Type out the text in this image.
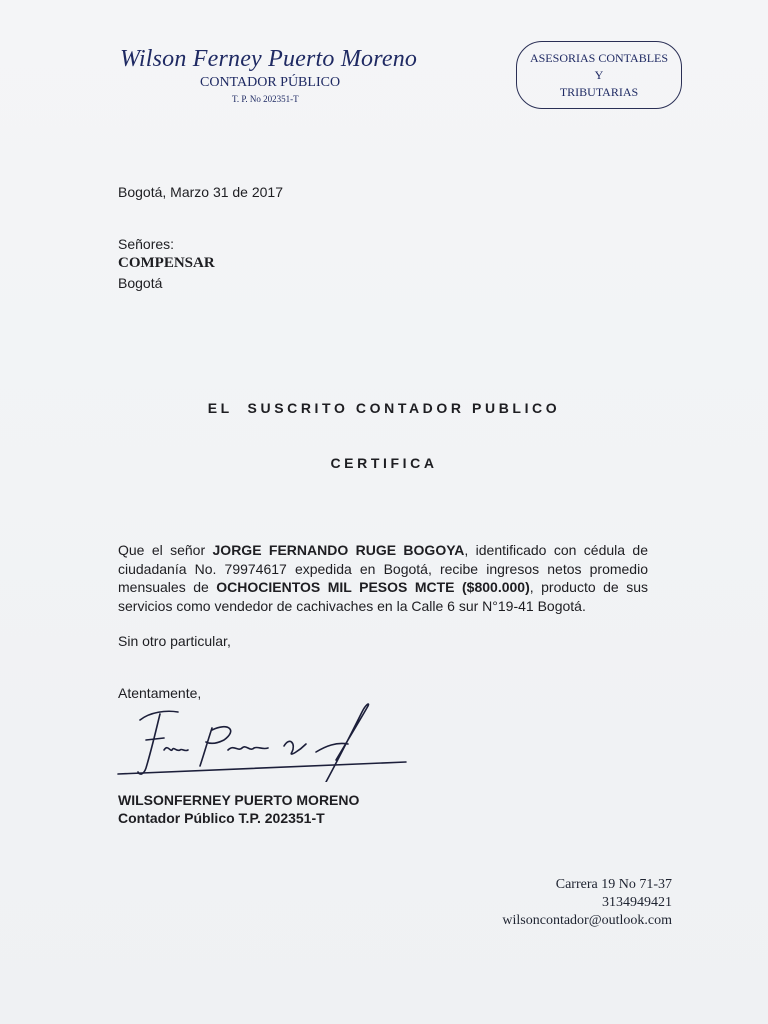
Wilson Ferney Puerto Moreno
CONTADOR PÚBLICO
T. P. No 202351-T
ASESORIAS CONTABLES
Y
TRIBUTARIAS
Bogotá, Marzo 31 de 2017
Señores:
COMPENSAR
Bogotá
EL  SUSCRITO CONTADOR PUBLICO
CERTIFICA
Que el señor JORGE FERNANDO RUGE BOGOYA, identificado con cédula de ciudadanía No. 79974617 expedida en Bogotá, recibe ingresos netos promedio mensuales de OCHOCIENTOS MIL PESOS MCTE ($800.000), producto de sus servicios como vendedor de cachivaches en la Calle 6 sur N°19-41 Bogotá.
Sin otro particular,
Atentamente,
WILSONFERNEY PUERTO MORENO
Contador Público T.P. 202351-T
Carrera 19 No 71-37
3134949421
wilsoncontador@outlook.com
